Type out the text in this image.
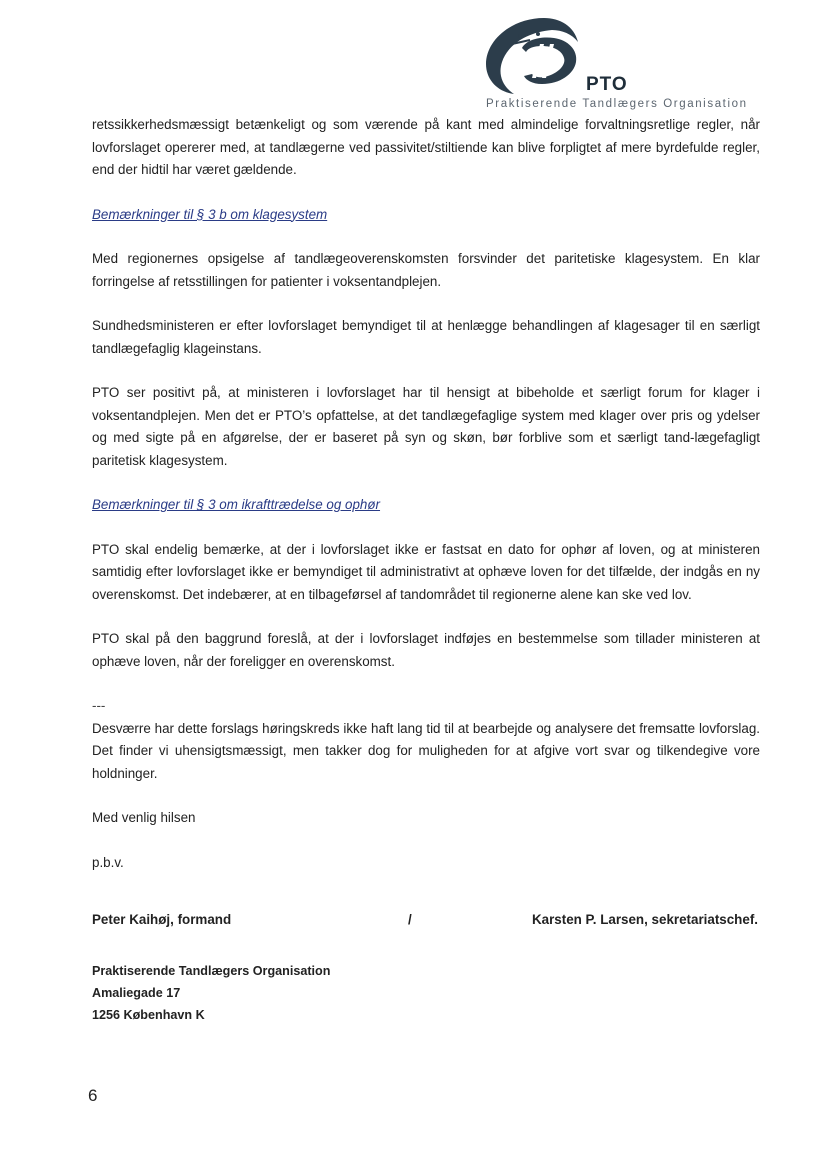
PTO
Praktiserende Tandlægers Organisation

retssikkerhedsmæssigt betænkeligt og som værende på kant med almindelige forvaltningsretlige regler, når lovforslaget opererer med, at tandlægerne ved passivitet/stiltiende kan blive forpligtet af mere byrdefulde regler, end der hidtil har været gældende.

Bemærkninger til § 3 b om klagesystem

Med regionernes opsigelse af tandlægeoverenskomsten forsvinder det paritetiske klagesystem. En klar forringelse af retsstillingen for patienter i voksentandplejen.

Sundhedsministeren er efter lovforslaget bemyndiget til at henlægge behandlingen af klagesager til en særligt tandlægefaglig klageinstans.

PTO ser positivt på, at ministeren i lovforslaget har til hensigt at bibeholde et særligt forum for klager i voksentandplejen. Men det er PTO’s opfattelse, at det tandlægefaglige system med klager over pris og ydelser og med sigte på en afgørelse, der er baseret på syn og skøn, bør forblive som et særligt tand-lægefagligt paritetisk klagesystem.

Bemærkninger til § 3 om ikrafttrædelse og ophør

PTO skal endelig bemærke, at der i lovforslaget ikke er fastsat en dato for ophør af loven, og at ministeren samtidig efter lovforslaget ikke er bemyndiget til administrativt at ophæve loven for det tilfælde, der indgås en ny overenskomst. Det indebærer, at en tilbageførsel af tandområdet til regionerne alene kan ske ved lov.

PTO skal på den baggrund foreslå, at der i lovforslaget indføjes en bestemmelse som tillader ministeren at ophæve loven, når der foreligger en overenskomst.

---

Desværre har dette forslags høringskreds ikke haft lang tid til at bearbejde og analysere det fremsatte lovforslag. Det finder vi uhensigtsmæssigt, men takker dog for muligheden for at afgive vort svar og tilkendegive vore holdninger.

Med venlig hilsen

p.b.v.

Peter Kaihøj, formand	/	Karsten P. Larsen, sekretariatschef.
Praktiserende Tandlægers Organisation
Amaliegade 17
1256 København K
6
